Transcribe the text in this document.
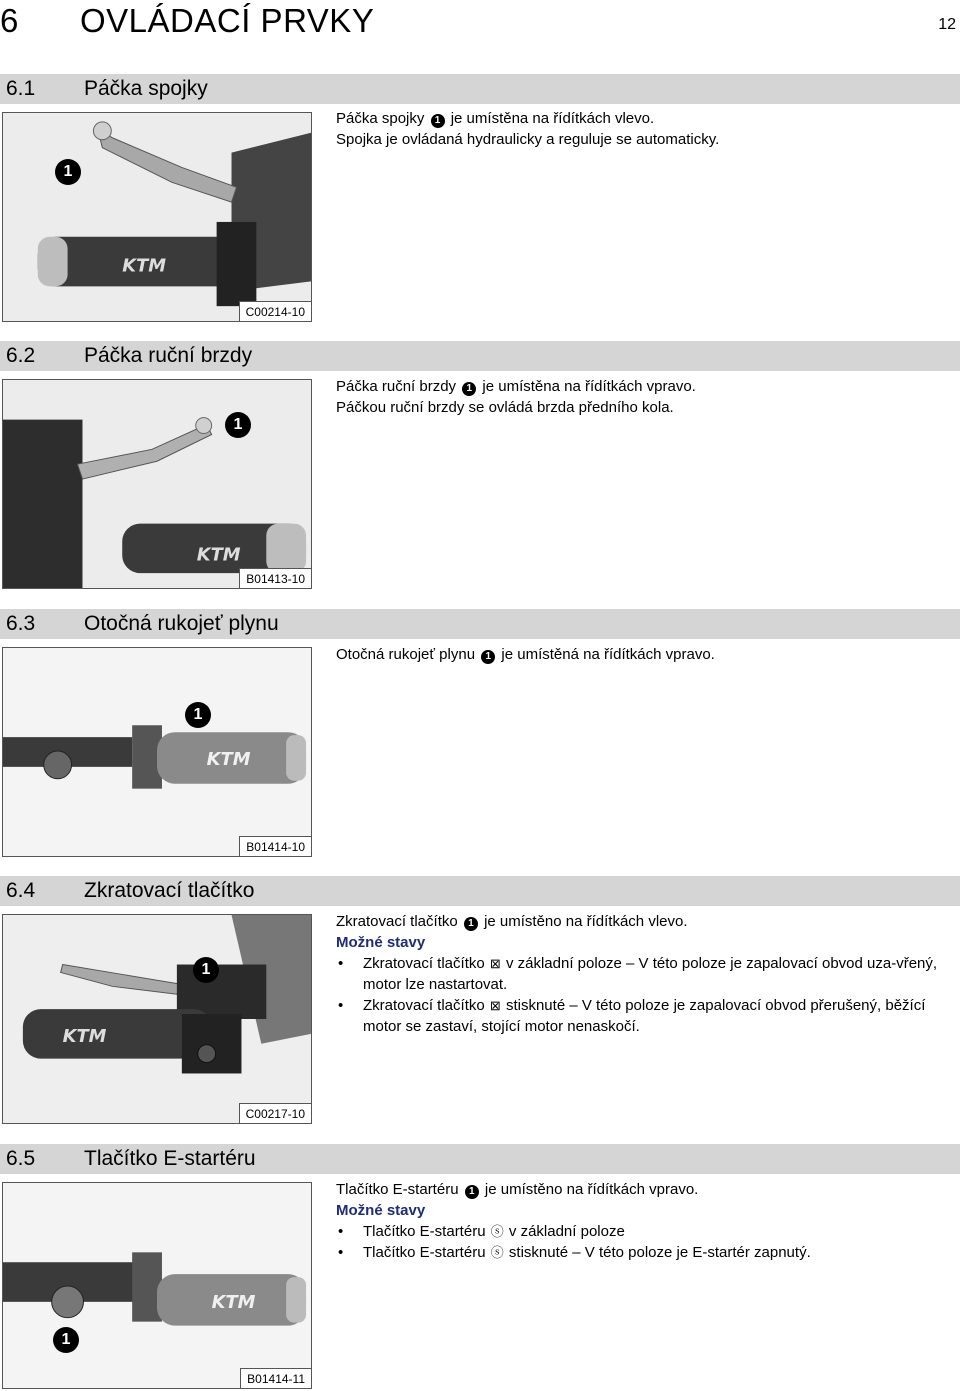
6 OVLÁDACÍ PRVKY	12
6.1 Páčka spojky
KTM
1
C00214-10

Páčka spojky 1 je umístěna na řídítkách vlevo.

Spojka je ovládaná hydraulicky a reguluje se automaticky.

6.2 Páčka ruční brzdy
KTM
1
B01413-10

Páčka ruční brzdy 1 je umístěna na řídítkách vpravo.

Páčkou ruční brzdy se ovládá brzda předního kola.

6.3 Otočná rukojeť plynu
KTM
1
B01414-10

Otočná rukojeť plynu 1 je umístěná na řídítkách vpravo.

6.4 Zkratovací tlačítko
KTM
1
C00217-10

Zkratovací tlačítko 1 je umístěno na řídítkách vlevo.

Možné stavy

• Zkratovací tlačítko ⊠ v základní poloze – V této poloze je zapalovací obvod uza-vřený, motor lze nastartovat.
• Zkratovací tlačítko ⊠ stisknuté – V této poloze je zapalovací obvod přerušený, běžící motor se zastaví, stojící motor nenaskočí.
6.5 Tlačítko E-startéru
KTM
1
B01414-11

Tlačítko E-startéru 1 je umístěno na řídítkách vpravo.

Možné stavy

• Tlačítko E-startéru ⓢ v základní poloze
• Tlačítko E-startéru ⓢ stisknuté – V této poloze je E-startér zapnutý.
